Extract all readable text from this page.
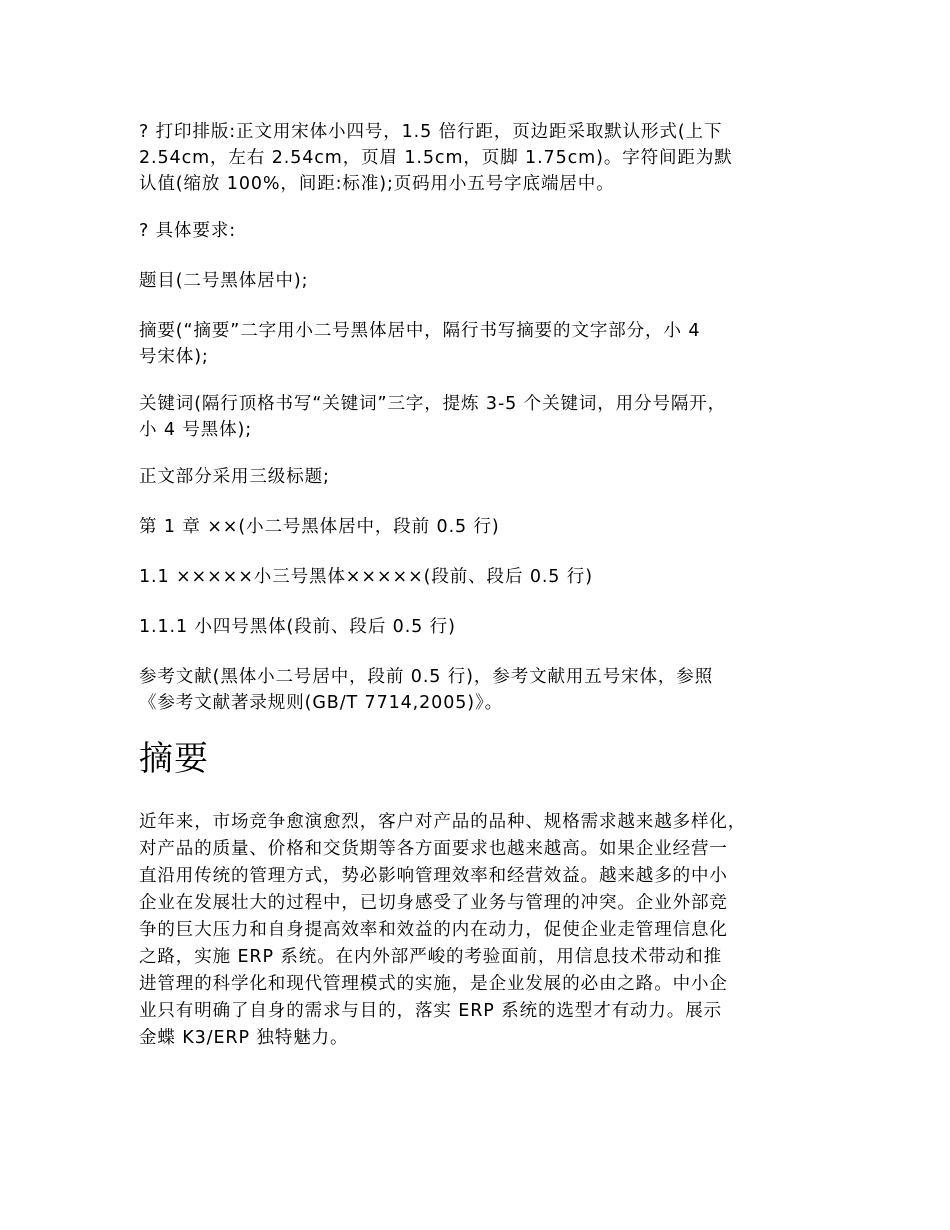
? 打印排版:正文用宋体小四号，1.5 倍行距，页边距采取默认形式(上下
2.54cm，左右 2.54cm，页眉 1.5cm，页脚 1.75cm)。字符间距为默
认值(缩放 100%，间距:标准);页码用小五号字底端居中。
? 具体要求:
题目(二号黑体居中);
摘要(“摘要”二字用小二号黑体居中，隔行书写摘要的文字部分，小 4
号宋体);
关键词(隔行顶格书写“关键词”三字，提炼 3-5 个关键词，用分号隔开，
小 4 号黑体);
正文部分采用三级标题;
第 1 章 ××(小二号黑体居中，段前 0.5 行)
1.1 ×××××小三号黑体×××××(段前、段后 0.5 行)
1.1.1 小四号黑体(段前、段后 0.5 行)
参考文献(黑体小二号居中，段前 0.5 行)，参考文献用五号宋体，参照
《参考文献著录规则(GB/T 7714,2005)》。
摘要
近年来，市场竞争愈演愈烈，客户对产品的品种、规格需求越来越多样化，
对产品的质量、价格和交货期等各方面要求也越来越高。如果企业经营一
直沿用传统的管理方式，势必影响管理效率和经营效益。越来越多的中小
企业在发展壮大的过程中，已切身感受了业务与管理的冲突。企业外部竞
争的巨大压力和自身提高效率和效益的内在动力，促使企业走管理信息化
之路，实施 ERP 系统。在内外部严峻的考验面前，用信息技术带动和推
进管理的科学化和现代管理模式的实施，是企业发展的必由之路。中小企
业只有明确了自身的需求与目的，落实 ERP 系统的选型才有动力。展示
金蝶 K3/ERP 独特魅力。
